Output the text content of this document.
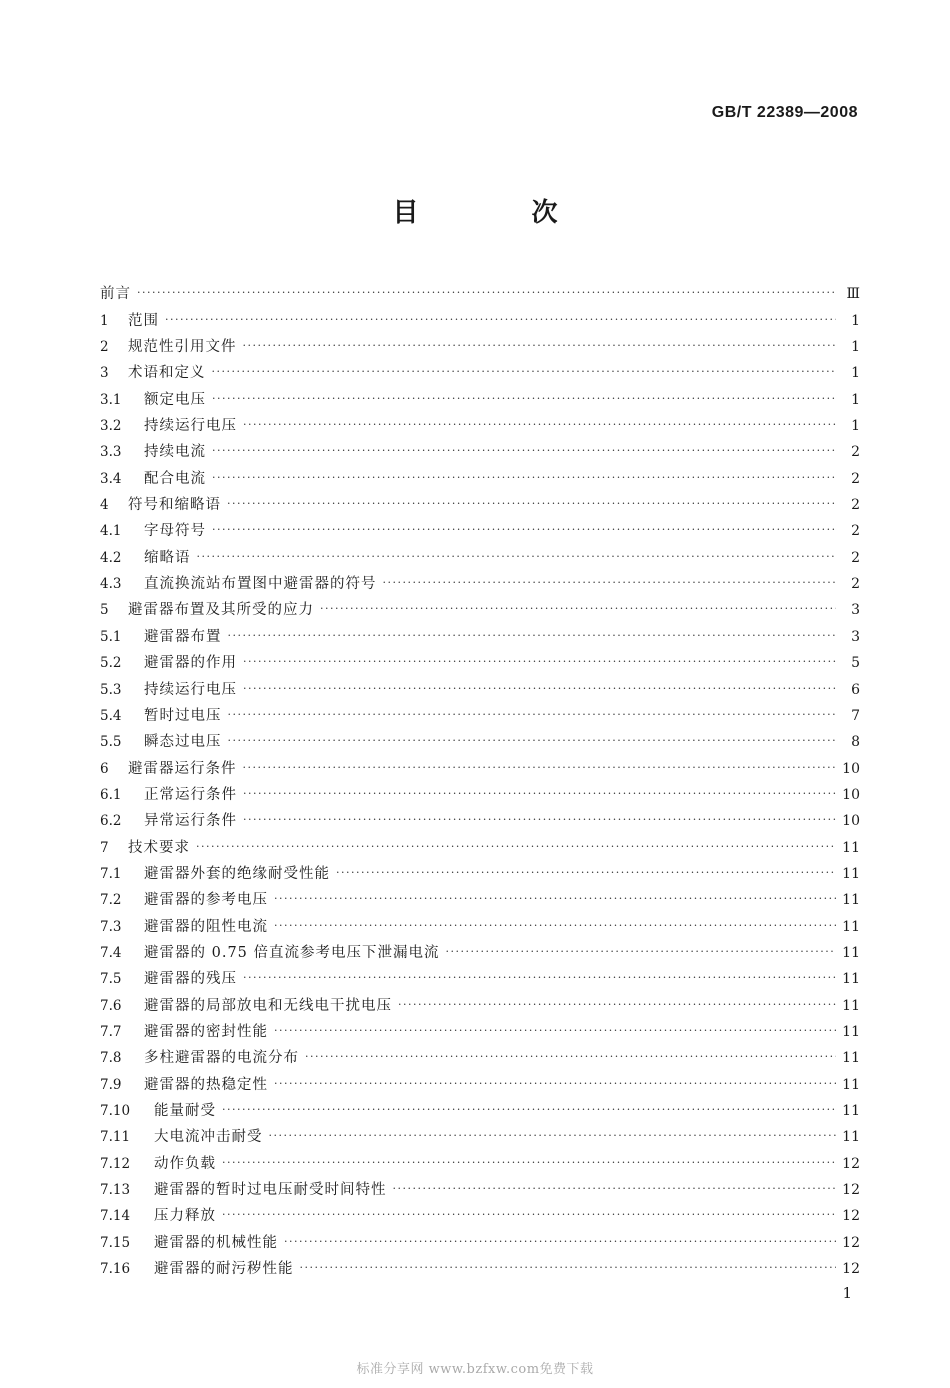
GB/T 22389—2008
目 次
前言 ·····	Ⅲ
1	范围 ·····	1
2	规范性引用文件 ·····	1
3	术语和定义 ·····	1
3.1	额定电压 ·····	1
3.2	持续运行电压 ·····	1
3.3	持续电流 ·····	2
3.4	配合电流 ·····	2
4	符号和缩略语 ·····	2
4.1	字母符号 ·····	2
4.2	缩略语 ·····	2
4.3	直流换流站布置图中避雷器的符号 ·····	2
5	避雷器布置及其所受的应力 ·····	3
5.1	避雷器布置 ·····	3
5.2	避雷器的作用 ·····	5
5.3	持续运行电压 ·····	6
5.4	暂时过电压 ·····	7
5.5	瞬态过电压 ·····	8
6	避雷器运行条件 ·····	10
6.1	正常运行条件 ·····	10
6.2	异常运行条件 ·····	10
7	技术要求 ·····	11
7.1	避雷器外套的绝缘耐受性能 ·····	11
7.2	避雷器的参考电压 ·····	11
7.3	避雷器的阻性电流 ·····	11
7.4	避雷器的 0.75 倍直流参考电压下泄漏电流 ·····	11
7.5	避雷器的残压 ·····	11
7.6	避雷器的局部放电和无线电干扰电压 ·····	11
7.7	避雷器的密封性能 ·····	11
7.8	多柱避雷器的电流分布 ·····	11
7.9	避雷器的热稳定性 ·····	11
7.10	能量耐受 ·····	11
7.11	大电流冲击耐受 ·····	11
7.12	动作负载 ·····	12
7.13	避雷器的暂时过电压耐受时间特性 ·····	12
7.14	压力释放 ·····	12
7.15	避雷器的机械性能 ·····	12
7.16	避雷器的耐污秽性能 ·····	12
1
标准分享网 www.bzfxw.com免费下载
